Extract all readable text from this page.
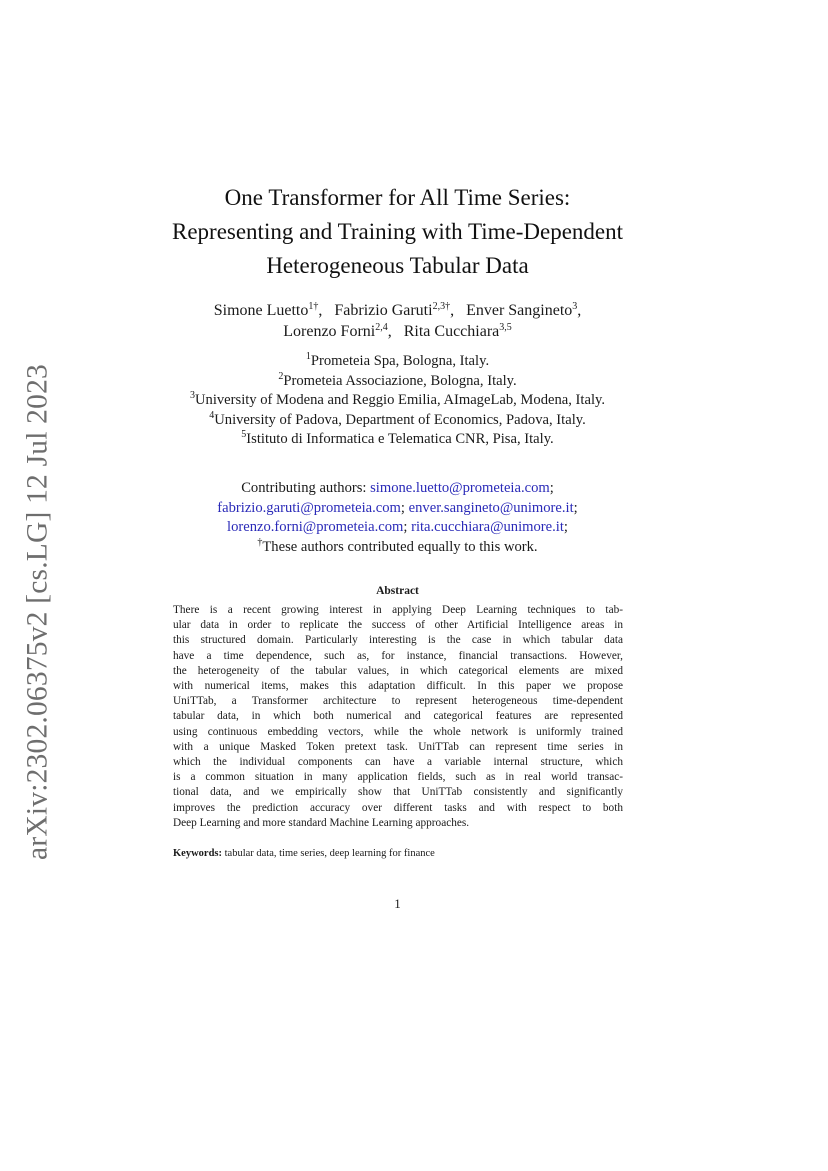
arXiv:2302.06375v2 [cs.LG] 12 Jul 2023
One Transformer for All Time Series:
Representing and Training with Time-Dependent
Heterogeneous Tabular Data
Simone Luetto$^{1\dagger}$, Fabrizio Garuti$^{2,3\dagger}$, Enver Sangineto$^3$,
Lorenzo Forni$^{2,4}$, Rita Cucchiara$^{3,5}$
$^1$Prometeia Spa, Bologna, Italy.
$^2$Prometeia Associazione, Bologna, Italy.
$^3$University of Modena and Reggio Emilia, AImageLab, Modena, Italy.
$^4$University of Padova, Department of Economics, Padova, Italy.
$^5$Istituto di Informatica e Telematica CNR, Pisa, Italy.
Contributing authors: simone.luetto@prometeia.com;
fabrizio.garuti@prometeia.com; enver.sangineto@unimore.it;
lorenzo.forni@prometeia.com; rita.cucchiara@unimore.it;
†These authors contributed equally to this work.
Abstract
There is a recent growing interest in applying Deep Learning techniques to tab-
ular data in order to replicate the success of other Artificial Intelligence areas in
this structured domain. Particularly interesting is the case in which tabular data
have a time dependence, such as, for instance, financial transactions. However,
the heterogeneity of the tabular values, in which categorical elements are mixed
with numerical items, makes this adaptation difficult. In this paper we propose
UniTTab, a Transformer architecture to represent heterogeneous time-dependent
tabular data, in which both numerical and categorical features are represented
using continuous embedding vectors, while the whole network is uniformly trained
with a unique Masked Token pretext task. UniTTab can represent time series in
which the individual components can have a variable internal structure, which
is a common situation in many application fields, such as in real world transac-
tional data, and we empirically show that UniTTab consistently and significantly
improves the prediction accuracy over different tasks and with respect to both
Deep Learning and more standard Machine Learning approaches.
Keywords: tabular data, time series, deep learning for finance
1
